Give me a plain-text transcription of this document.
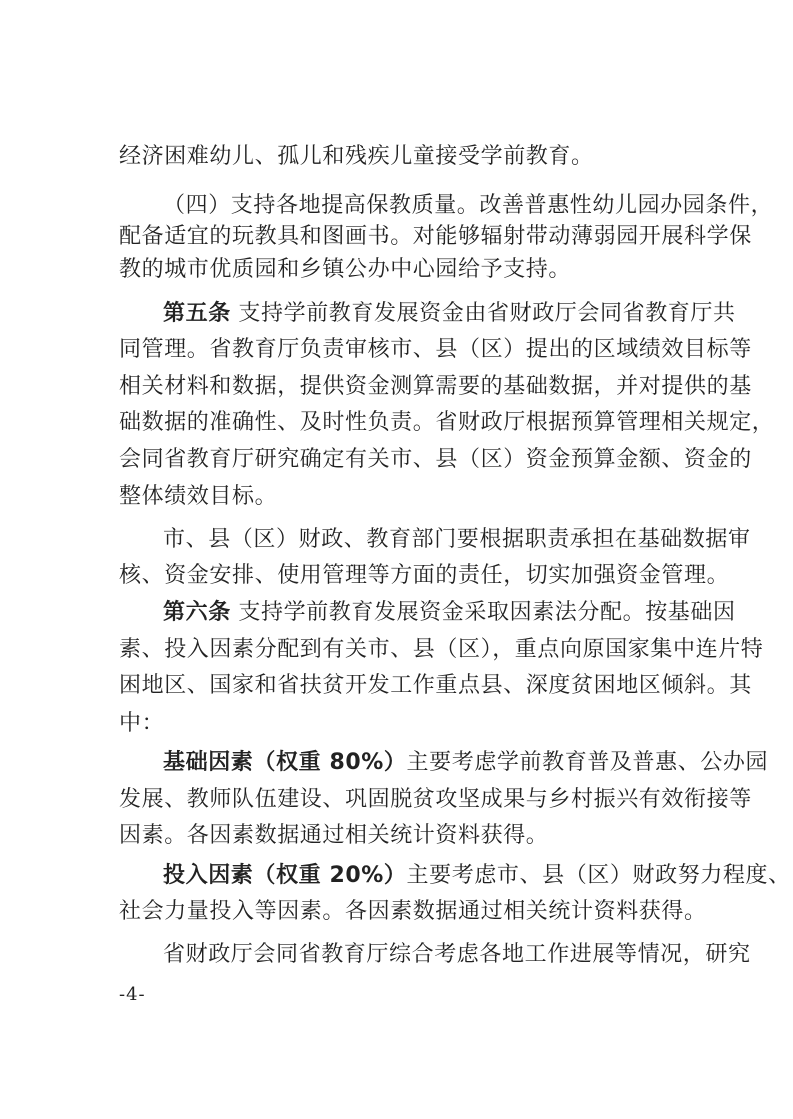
经济困难幼儿、孤儿和残疾儿童接受学前教育。
（四）支持各地提高保教质量。改善普惠性幼儿园办园条件，
配备适宜的玩教具和图画书。对能够辐射带动薄弱园开展科学保
教的城市优质园和乡镇公办中心园给予支持。
第五条 支持学前教育发展资金由省财政厅会同省教育厅共
同管理。省教育厅负责审核市、县（区）提出的区域绩效目标等
相关材料和数据，提供资金测算需要的基础数据，并对提供的基
础数据的准确性、及时性负责。省财政厅根据预算管理相关规定，
会同省教育厅研究确定有关市、县（区）资金预算金额、资金的
整体绩效目标。
市、县（区）财政、教育部门要根据职责承担在基础数据审
核、资金安排、使用管理等方面的责任，切实加强资金管理。
第六条 支持学前教育发展资金采取因素法分配。按基础因
素、投入因素分配到有关市、县（区），重点向原国家集中连片特
困地区、国家和省扶贫开发工作重点县、深度贫困地区倾斜。其
中：
基础因素（权重 80%）主要考虑学前教育普及普惠、公办园
发展、教师队伍建设、巩固脱贫攻坚成果与乡村振兴有效衔接等
因素。各因素数据通过相关统计资料获得。
投入因素（权重 20%）主要考虑市、县（区）财政努力程度、
社会力量投入等因素。各因素数据通过相关统计资料获得。
省财政厅会同省教育厅综合考虑各地工作进展等情况，研究
-4-
